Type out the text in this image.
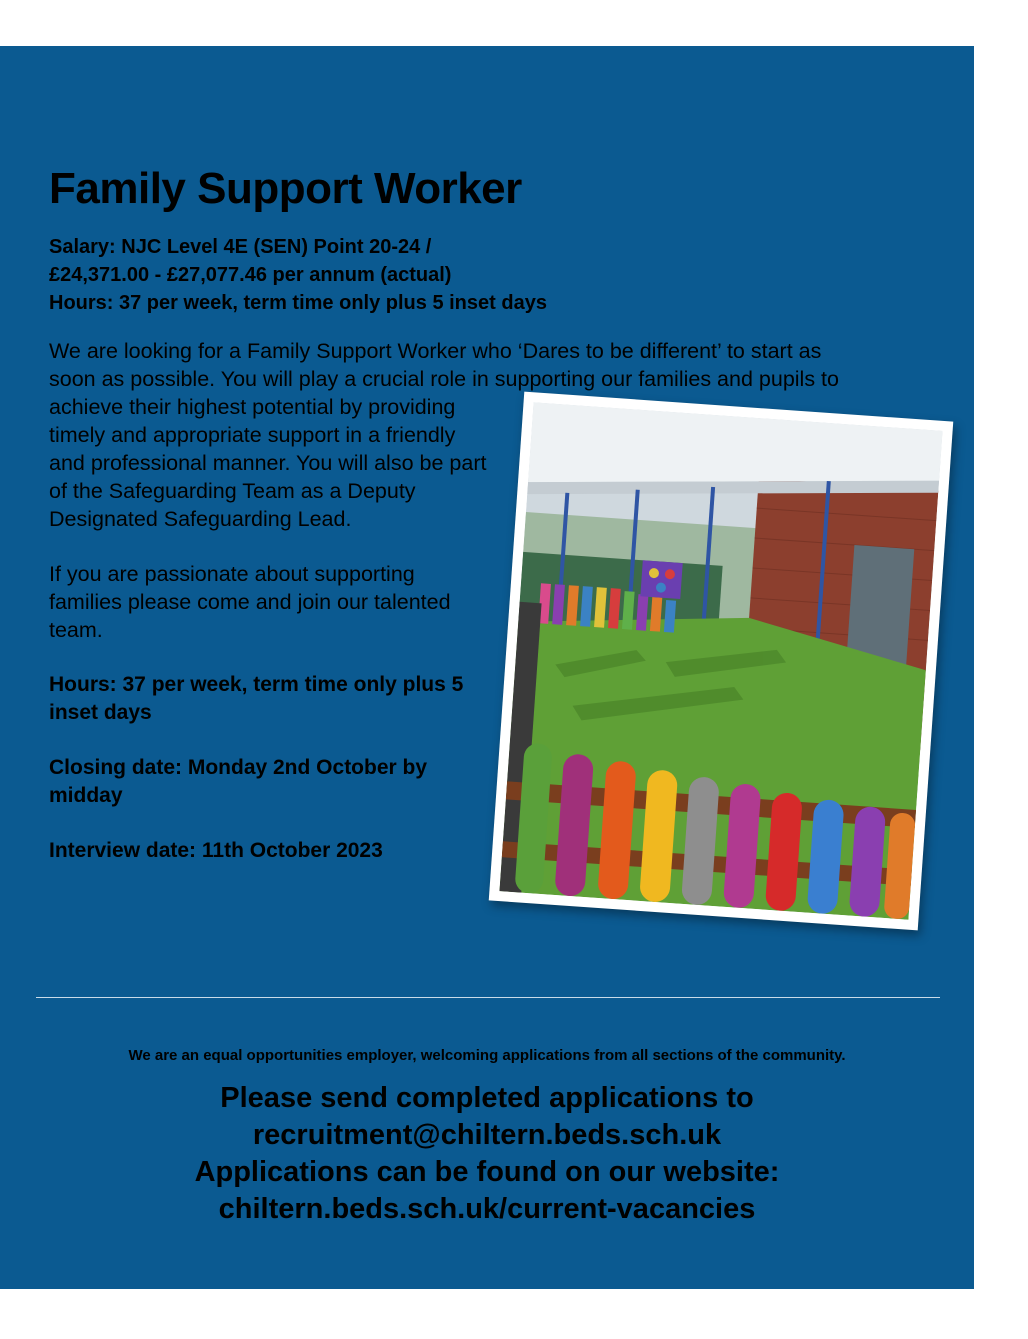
Family Support Worker
Salary: NJC Level 4E (SEN) Point 20-24 /
£24,371.00 - £27,077.46 per annum (actual)
Hours: 37 per week, term time only plus 5 inset days
We are looking for a Family Support Worker who ‘Dares to be different’ to start as
soon as possible. You will play a crucial role in supporting our families and pupils to
achieve their highest potential by providing
timely and appropriate support in a friendly
and professional manner. You will also be part
of the Safeguarding Team as a Deputy
Designated Safeguarding Lead.
If you are passionate about supporting
families please come and join our talented
team.
Hours: 37 per week, term time only plus 5
inset days
Closing date: Monday 2nd October by
midday
Interview date: 11th October 2023
We are an equal opportunities employer, welcoming applications from all sections of the community.
Please send completed applications to
recruitment@chiltern.beds.sch.uk
Applications can be found on our website:
chiltern.beds.sch.uk/current-vacancies
